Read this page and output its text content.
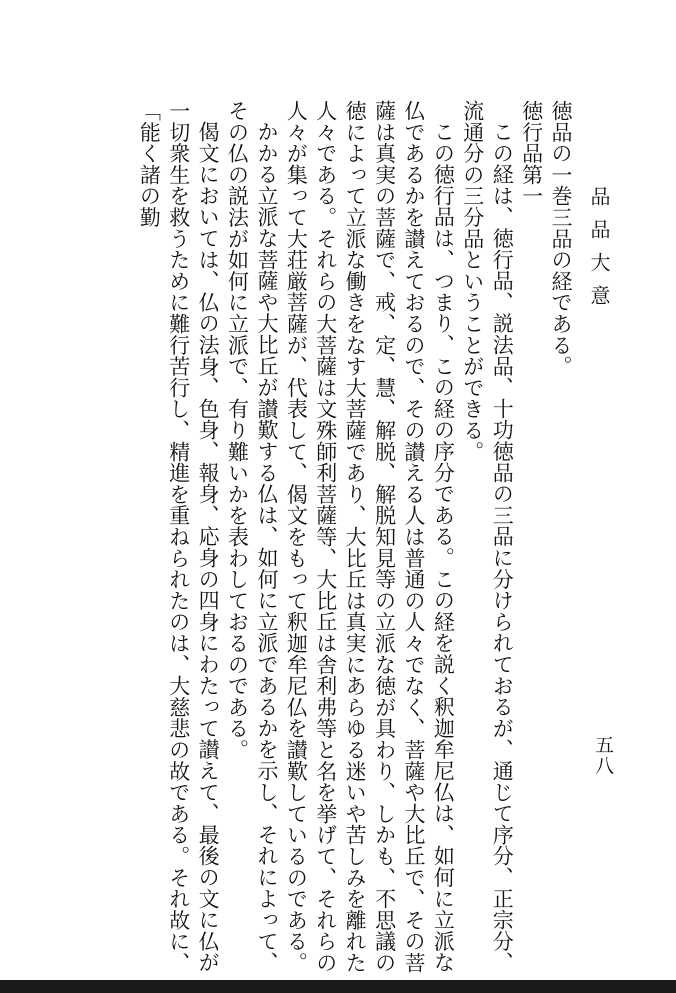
五八
品品大意

徳品の一巻三品の経である。

徳行品第一

この経は、徳行品、説法品、十功徳品の三品に分けられておるが、通じて序分、正宗分、流通分の三分品ということができる。

この徳行品は、つまり、この経の序分である。この経を説く釈迦牟尼仏は、如何に立派な仏であるかを讃えておるので、その讃える人は普通の人々でなく、菩薩や大比丘で、その菩薩は真実の菩薩で、戒、定、慧、解脱、解脱知見等の立派な徳が具わり、しかも、不思議の徳によって立派な働きをなす大菩薩であり、大比丘は真実にあらゆる迷いや苦しみを離れた人々である。それらの大菩薩は文殊師利菩薩等、大比丘は舎利弗等と名を挙げて、それらの人々が集って大荘厳菩薩が、代表して、偈文をもって釈迦牟尼仏を讃歎しているのである。

かかる立派な菩薩や大比丘が讃歎する仏は、如何に立派であるかを示し、それによって、その仏の説法が如何に立派で、有り難いかを表わしておるのである。

偈文においては、仏の法身、色身、報身、応身の四身にわたって讃えて、最後の文に仏が一切衆生を救うために難行苦行し、精進を重ねられたのは、大慈悲の故である。それ故に、「能く諸の勤
